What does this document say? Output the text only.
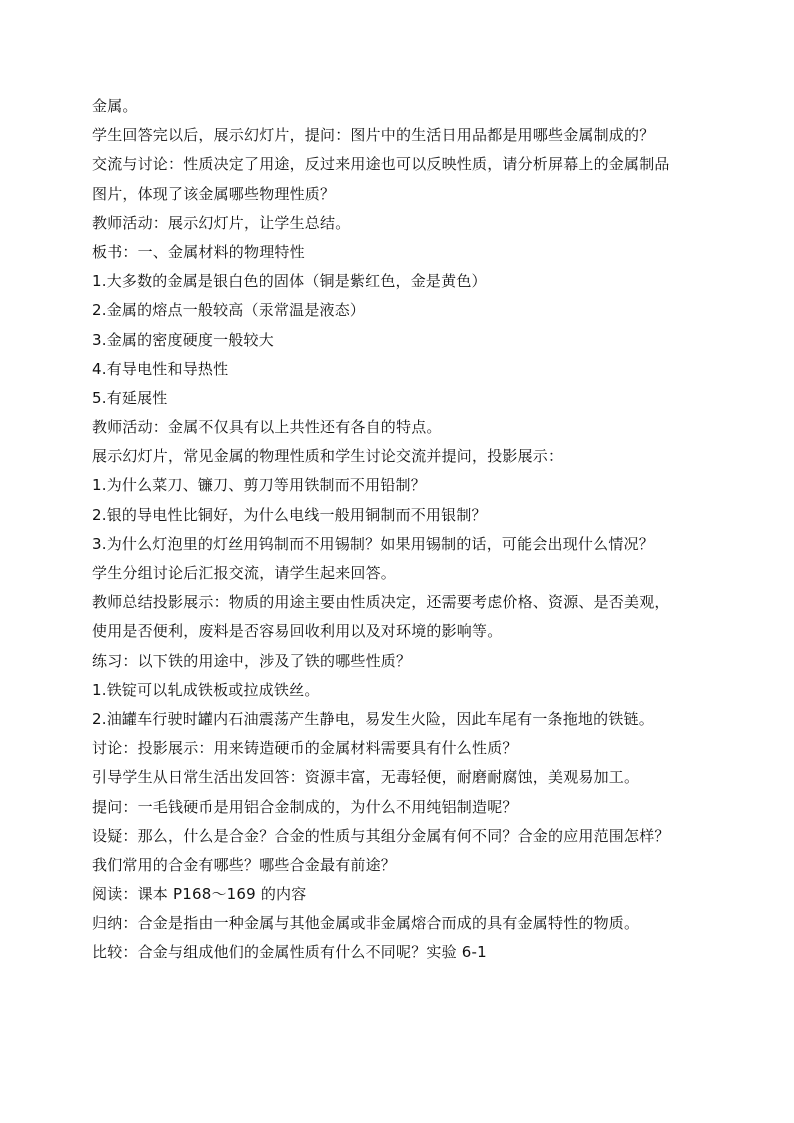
金属。
学生回答完以后，展示幻灯片，提问：图片中的生活日用品都是用哪些金属制成的？
交流与讨论：性质决定了用途，反过来用途也可以反映性质，请分析屏幕上的金属制品
图片，体现了该金属哪些物理性质？
教师活动：展示幻灯片，让学生总结。
板书：一、金属材料的物理特性
1.大多数的金属是银白色的固体（铜是紫红色，金是黄色）
2.金属的熔点一般较高（汞常温是液态）
3.金属的密度硬度一般较大
4.有导电性和导热性
5.有延展性
教师活动：金属不仅具有以上共性还有各自的特点。
展示幻灯片，常见金属的物理性质和学生讨论交流并提问，投影展示：
1.为什么菜刀、镰刀、剪刀等用铁制而不用铅制？
2.银的导电性比铜好，为什么电线一般用铜制而不用银制？
3.为什么灯泡里的灯丝用钨制而不用锡制？如果用锡制的话，可能会出现什么情况？
学生分组讨论后汇报交流，请学生起来回答。
教师总结投影展示：物质的用途主要由性质决定，还需要考虑价格、资源、是否美观，
使用是否便利，废料是否容易回收利用以及对环境的影响等。
练习：以下铁的用途中，涉及了铁的哪些性质？
1.铁锭可以轧成铁板或拉成铁丝。
2.油罐车行驶时罐内石油震荡产生静电，易发生火险，因此车尾有一条拖地的铁链。
讨论：投影展示：用来铸造硬币的金属材料需要具有什么性质？
引导学生从日常生活出发回答：资源丰富，无毒轻便，耐磨耐腐蚀，美观易加工。
提问：一毛钱硬币是用铝合金制成的，为什么不用纯铝制造呢？
设疑：那么，什么是合金？合金的性质与其组分金属有何不同？合金的应用范围怎样？
我们常用的合金有哪些？哪些合金最有前途？
阅读：课本 P168～169 的内容
归纳：合金是指由一种金属与其他金属或非金属熔合而成的具有金属特性的物质。
比较：合金与组成他们的金属性质有什么不同呢？实验 6-1
